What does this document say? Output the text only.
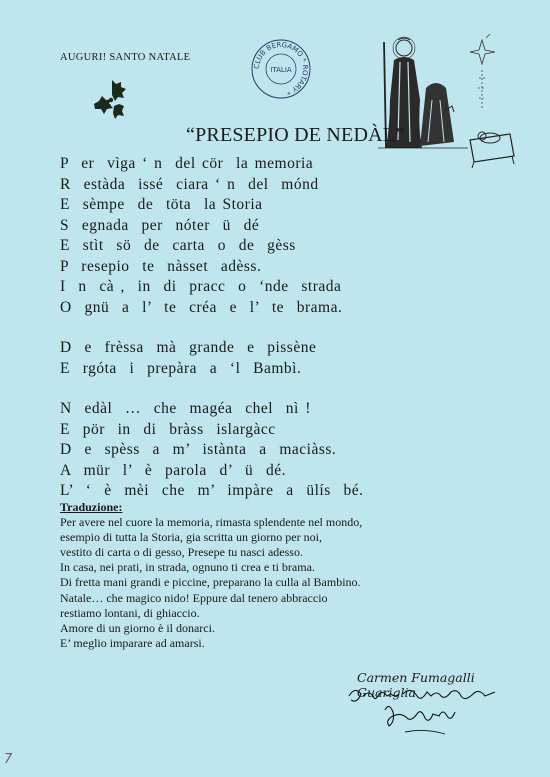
AUGURI! SANTO NATALE
CLUB BERGAMO * ROTARY *
ITALIA
“PRESEPIO DE NEDÀL”
P  er  vìga ‘ n  del cör  la memoria
R  estàda  issé  ciara ‘ n  del  mónd
E  sèmpe  de  töta  la Storia
S  egnada  per  nóter  ü  dé
E  stìt  sö  de  carta  o  de  gèss
P  resepio  te  nàsset  adèss.
I  n  cà ,  in  di  pracc  o  ‘nde  strada
O  gnü  a  l’  te  créa  e  l’  te  brama.
D  e  frèssa  mà  grande  e  pissène
E  rgóta  i  prepàra  a  ‘l  Bambì.
N  edàl  …  che  magéa  chel  nì !
E  pör  in  di  bràss  islargàcc
D  e  spèss  a  m’  istànta  a  maciàss.
A  mür  l’  è  parola  d’  ü  dé.
L’  ‘  è  mèi  che  m’  impàre  a  ülís  bé.
Traduzione:
Per avere nel cuore la memoria, rimasta splendente nel mondo,
esempio di tutta la Storia, gia scritta un giorno per noi,
vestito di carta o di gesso, Presepe tu nasci adesso.
In casa, nei prati, in strada, ognuno ti crea e ti brama.
Di fretta mani grandi e piccine, preparano la culla al Bambino.
Natale… che magico nido! Eppure dal tenero abbraccio
restiamo lontani, di ghiaccio.
Amore di un giorno è il donarci.
E’ meglio imparare ad amarsi.
Carmen Fumagalli Guariglia
7
